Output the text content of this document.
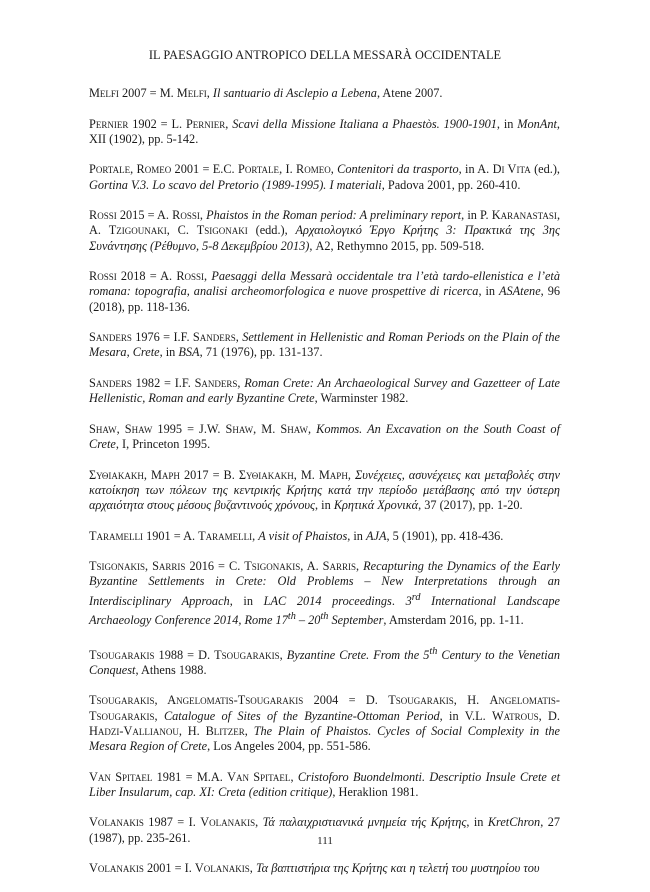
IL PAESAGGIO ANTROPICO DELLA MESSARÀ OCCIDENTALE

Melfi 2007 = M. Melfi, Il santuario di Asclepio a Lebena, Atene 2007.

Pernier 1902 = L. Pernier, Scavi della Missione Italiana a Phaestòs. 1900-1901, in MonAnt, XII (1902), pp. 5-142.

Portale, Romeo 2001 = E.C. Portale, I. Romeo, Contenitori da trasporto, in A. Di Vita (ed.), Gortina V.3. Lo scavo del Pretorio (1989-1995). I materiali, Padova 2001, pp. 260-410.

Rossi 2015 = A. Rossi, Phaistos in the Roman period: A preliminary report, in P. Karanastasi, A. Tzigounaki, C. Tsigonaki (edd.), Αρχαιολογικό Έργο Κρήτης 3: Πρακτικά της 3ης Συνάντησης (Ρέθυμνο, 5-8 Δεκεμβρίου 2013), A2, Rethymno 2015, pp. 509-518.

Rossi 2018 = A. Rossi, Paesaggi della Messarà occidentale tra l’età tardo-ellenistica e l’età romana: topografia, analisi archeomorfologica e nuove prospettive di ricerca, in ASAtene, 96 (2018), pp. 118-136.

Sanders 1976 = I.F. Sanders, Settlement in Hellenistic and Roman Periods on the Plain of the Mesara, Crete, in BSA, 71 (1976), pp. 131-137.

Sanders 1982 = I.F. Sanders, Roman Crete: An Archaeological Survey and Gazetteer of Late Hellenistic, Roman and early Byzantine Crete, Warminster 1982.

Shaw, Shaw 1995 = J.W. Shaw, M. Shaw, Kommos. An Excavation on the South Coast of Crete, I, Princeton 1995.

Συθιακακη, Μαρη 2017 = Β. Συθιακακη, Μ. Μαρη, Συνέχειες, ασυνέχειες και μεταβολές στην κατοίκηση των πόλεων της κεντρικής Κρήτης κατά την περίοδο μετάβασης από την ύστερη αρχαιότητα στους μέσους βυζαντινούς χρόνους, in Κρητικά Χρονικά, 37 (2017), pp. 1-20.

Taramelli 1901 = A. Taramelli, A visit of Phaistos, in AJA, 5 (1901), pp. 418-436.

Tsigonakis, Sarris 2016 = C. Tsigonakis, A. Sarris, Recapturing the Dynamics of the Early Byzantine Settlements in Crete: Old Problems – New Interpretations through an Interdisciplinary Approach, in LAC 2014 proceedings. 3rd International Landscape Archaeology Conference 2014, Rome 17th – 20th September, Amsterdam 2016, pp. 1-11.

Tsougarakis 1988 = D. Tsougarakis, Byzantine Crete. From the 5th Century to the Venetian Conquest, Athens 1988.

Tsougarakis, Angelomatis-Tsougarakis 2004 = D. Tsougarakis, H. Angelomatis-Tsougarakis, Catalogue of Sites of the Byzantine-Ottoman Period, in V.L. Watrous, D. Hadzi-Vallianou, H. Blitzer, The Plain of Phaistos. Cycles of Social Complexity in the Mesara Region of Crete, Los Angeles 2004, pp. 551-586.

Van Spitael 1981 = M.A. Van Spitael, Cristoforo Buondelmonti. Descriptio Insule Crete et Liber Insularum, cap. XI: Creta (edition critique), Heraklion 1981.

Volanakis 1987 = I. Volanakis, Τά παλαιχριστιανικά μνημεία τής Κρήτης, in KretChron, 27 (1987), pp. 235-261.

Volanakis 2001 = I. Volanakis, Τα βαπτιστήρια της Κρήτης και η τελετή του μυστηρίου του

111
